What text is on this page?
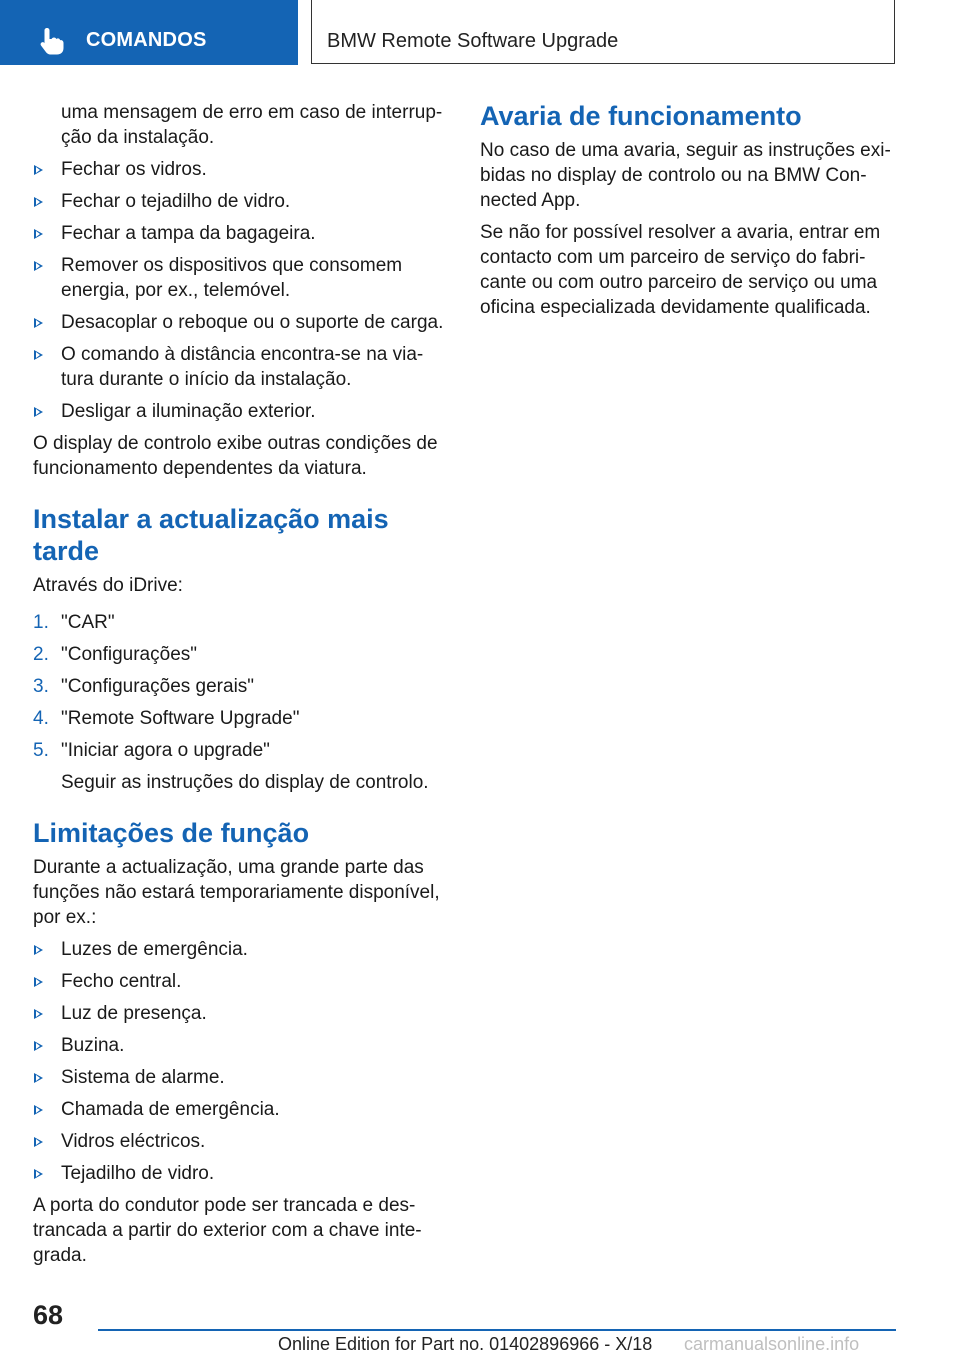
COMANDOS	BMW Remote Software Upgrade
uma mensagem de erro em caso de interrup-ção da instalação.
Fechar os vidros.
Fechar o tejadilho de vidro.
Fechar a tampa da bagageira.
Remover os dispositivos que consomem energia, por ex., telemóvel.
Desacoplar o reboque ou o suporte de carga.
O comando à distância encontra-se na via-tura durante o início da instalação.
Desligar a iluminação exterior.

O display de controlo exibe outras condições de funcionamento dependentes da viatura.

Instalar a actualização mais tarde

Através do iDrive:

1. "CAR"
2. "Configurações"
3. "Configurações gerais"
4. "Remote Software Upgrade"
5. "Iniciar agora o upgrade"
Seguir as instruções do display de controlo.
Limitações de função

Durante a actualização, uma grande parte das funções não estará temporariamente disponível, por ex.:

Luzes de emergência.
Fecho central.
Luz de presença.
Buzina.
Sistema de alarme.
Chamada de emergência.
Vidros eléctricos.
Tejadilho de vidro.

A porta do condutor pode ser trancada e des-trancada a partir do exterior com a chave inte-grada.

Avaria de funcionamento

No caso de uma avaria, seguir as instruções exi-bidas no display de controlo ou na BMW Con-nected App.

Se não for possível resolver a avaria, entrar em contacto com um parceiro de serviço do fabri-cante ou com outro parceiro de serviço ou uma oficina especializada devidamente qualificada.

68
Online Edition for Part no. 01402896966 - X/18 carmanualsonline.info
